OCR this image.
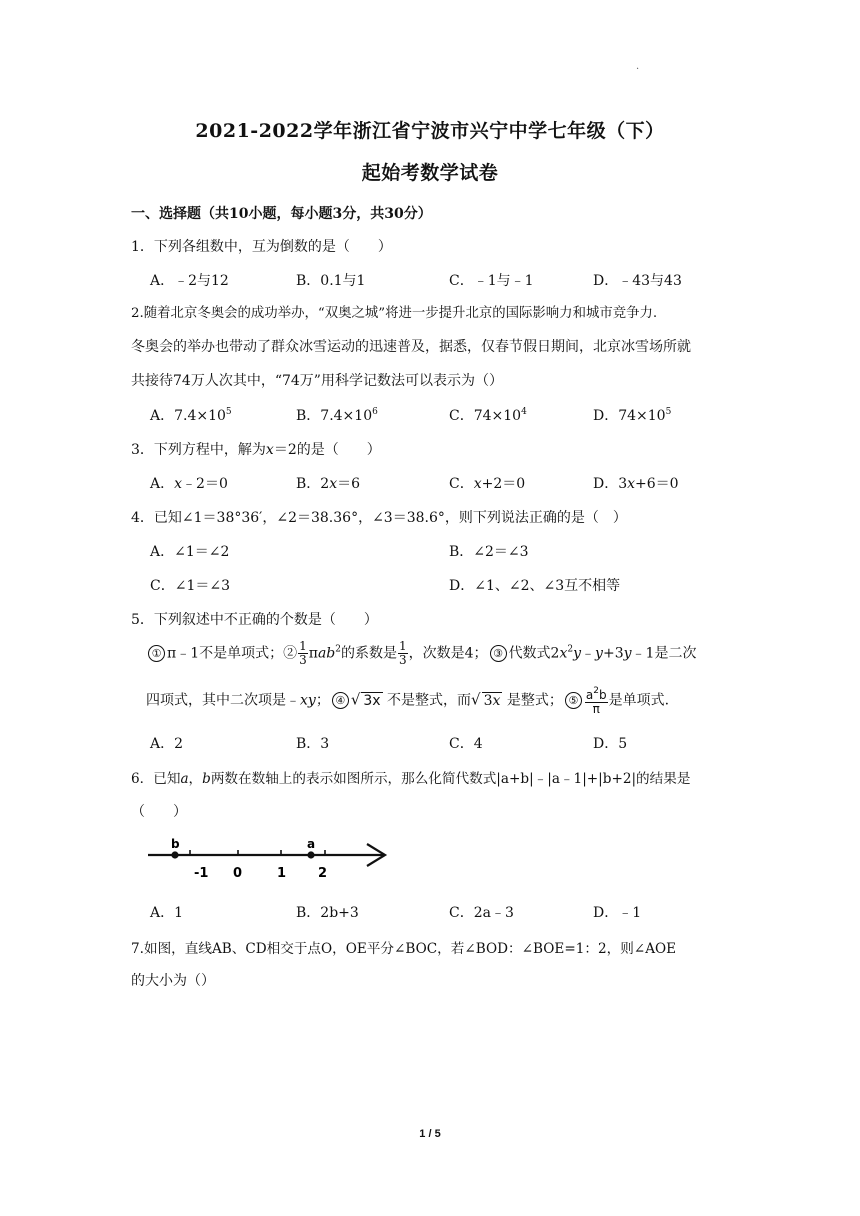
·
2021-2022学年浙江省宁波市兴宁中学七年级（下）
起始考数学试卷
一、选择题（共10小题，每小题3分，共30分）
1．下列各组数中，互为倒数的是（　　）
A．﹣2与12	B．0.1与1	C．﹣1与﹣1	D．﹣43与43
2.随着北京冬奥会的成功举办，“双奥之城”将进一步提升北京的国际影响力和城市竞争力.
冬奥会的举办也带动了群众冰雪运动的迅速普及，据悉，仅春节假日期间，北京冰雪场所就
共接待74万人次其中，“74万”用科学记数法可以表示为（）
A．$7.4\times 10^5$	B．$7.4\times 10^6$	C．$74\times 10^4$	D．$74\times 10^5$
3．下列方程中，解为x＝2的是（　　）
A．x﹣2＝0	B．2x＝6	C．x+2＝0	D．3x+6＝0
4．已知∠1＝38°36′，∠2＝38.36°，∠3＝38.6°，则下列说法正确的是（　）
A．∠1＝∠2	B．∠2＝∠3
C．∠1＝∠3	D．∠1、∠2、∠3互不相等
5．下列叙述中不正确的个数是（　　）
① π﹣1不是单项式；② $\frac{1}{3} \pi ab^2$的系数是 $\frac{1}{3}$ ，次数是4； ③ 代数式$2x^2y﹣y+3y﹣1$是二次
四项式，其中二次项是﹣xy； ④ √ 3x 不是整式，而√ 3x 是整式； ⑤ $\frac{a^2b}{\pi}$ 是单项式.
A．2	B．3	C．4	D．5
6．已知a，b两数在数轴上的表示如图所示，那么化简代数式|a+b|﹣|a﹣1|+|b+2|的结果是
（　　）
b	a
-1 0	1 2
A．1	B．2b+3	C．2a﹣3	D．﹣1
7.如图，直线AB、CD相交于点O，OE平分∠BOC，若∠BOD：∠BOE=1：2，则∠AOE
的大小为（）
1 / 5
